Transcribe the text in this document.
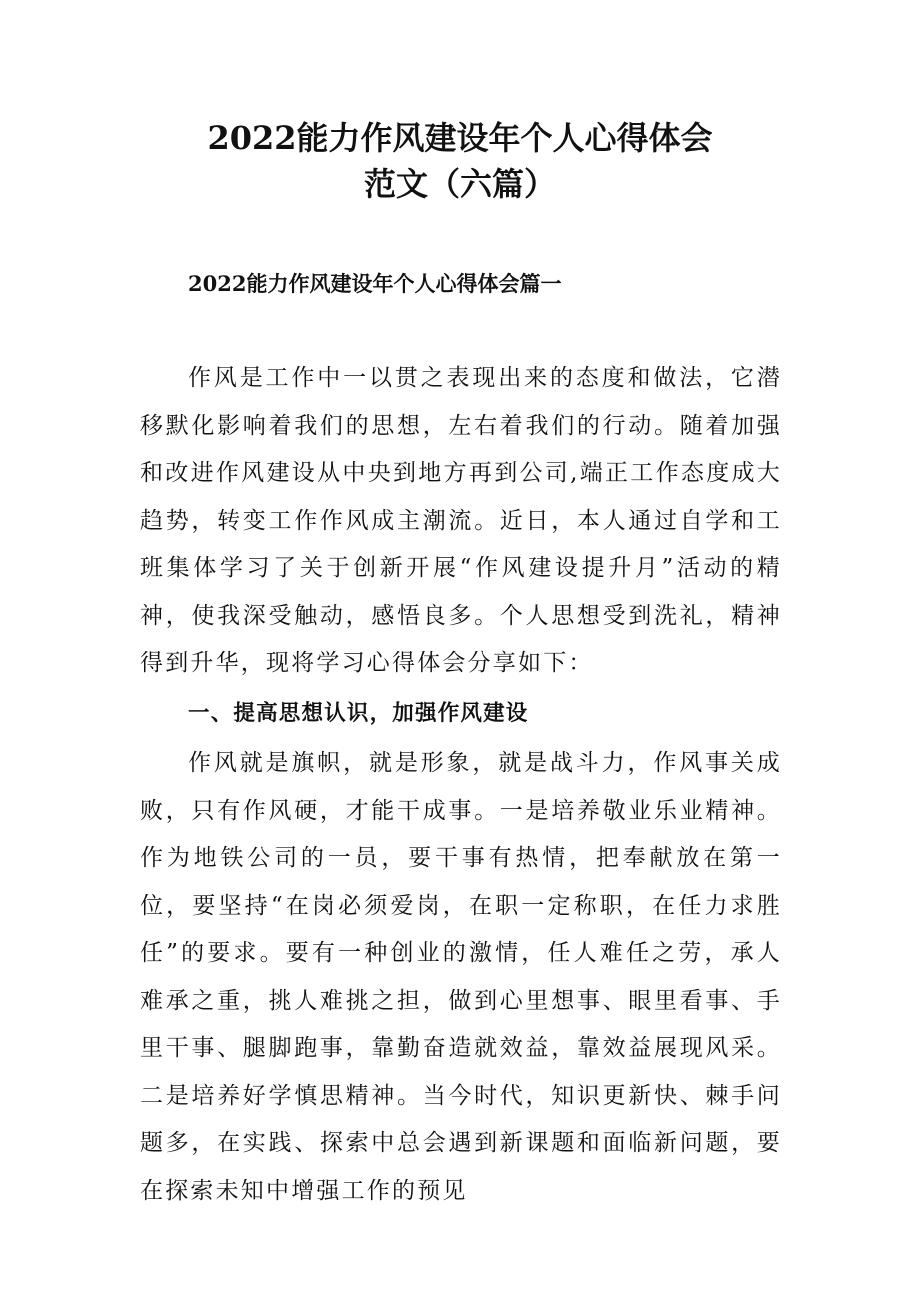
2022能力作风建设年个人心得体会
范文（六篇）
2022能力作风建设年个人心得体会篇一

作风是工作中一以贯之表现出来的态度和做法，它潜移默化影响着我们的思想，左右着我们的行动。随着加强和改进作风建设从中央到地方再到公司,端正工作态度成大趋势，转变工作作风成主潮流。近日，本人通过自学和工班集体学习了关于创新开展“作风建设提升月”活动的精神，使我深受触动，感悟良多。个人思想受到洗礼，精神得到升华，现将学习心得体会分享如下：

一、提高思想认识，加强作风建设

作风就是旗帜，就是形象，就是战斗力，作风事关成败，只有作风硬，才能干成事。一是培养敬业乐业精神。作为地铁公司的一员，要干事有热情，把奉献放在第一位，要坚持“在岗必须爱岗，在职一定称职，在任力求胜任”的要求。要有一种创业的激情，任人难任之劳，承人难承之重，挑人难挑之担，做到心里想事、眼里看事、手里干事、腿脚跑事，靠勤奋造就效益，靠效益展现风采。二是培养好学慎思精神。当今时代，知识更新快、棘手问题多，在实践、探索中总会遇到新课题和面临新问题，要在探索未知中增强工作的预见
